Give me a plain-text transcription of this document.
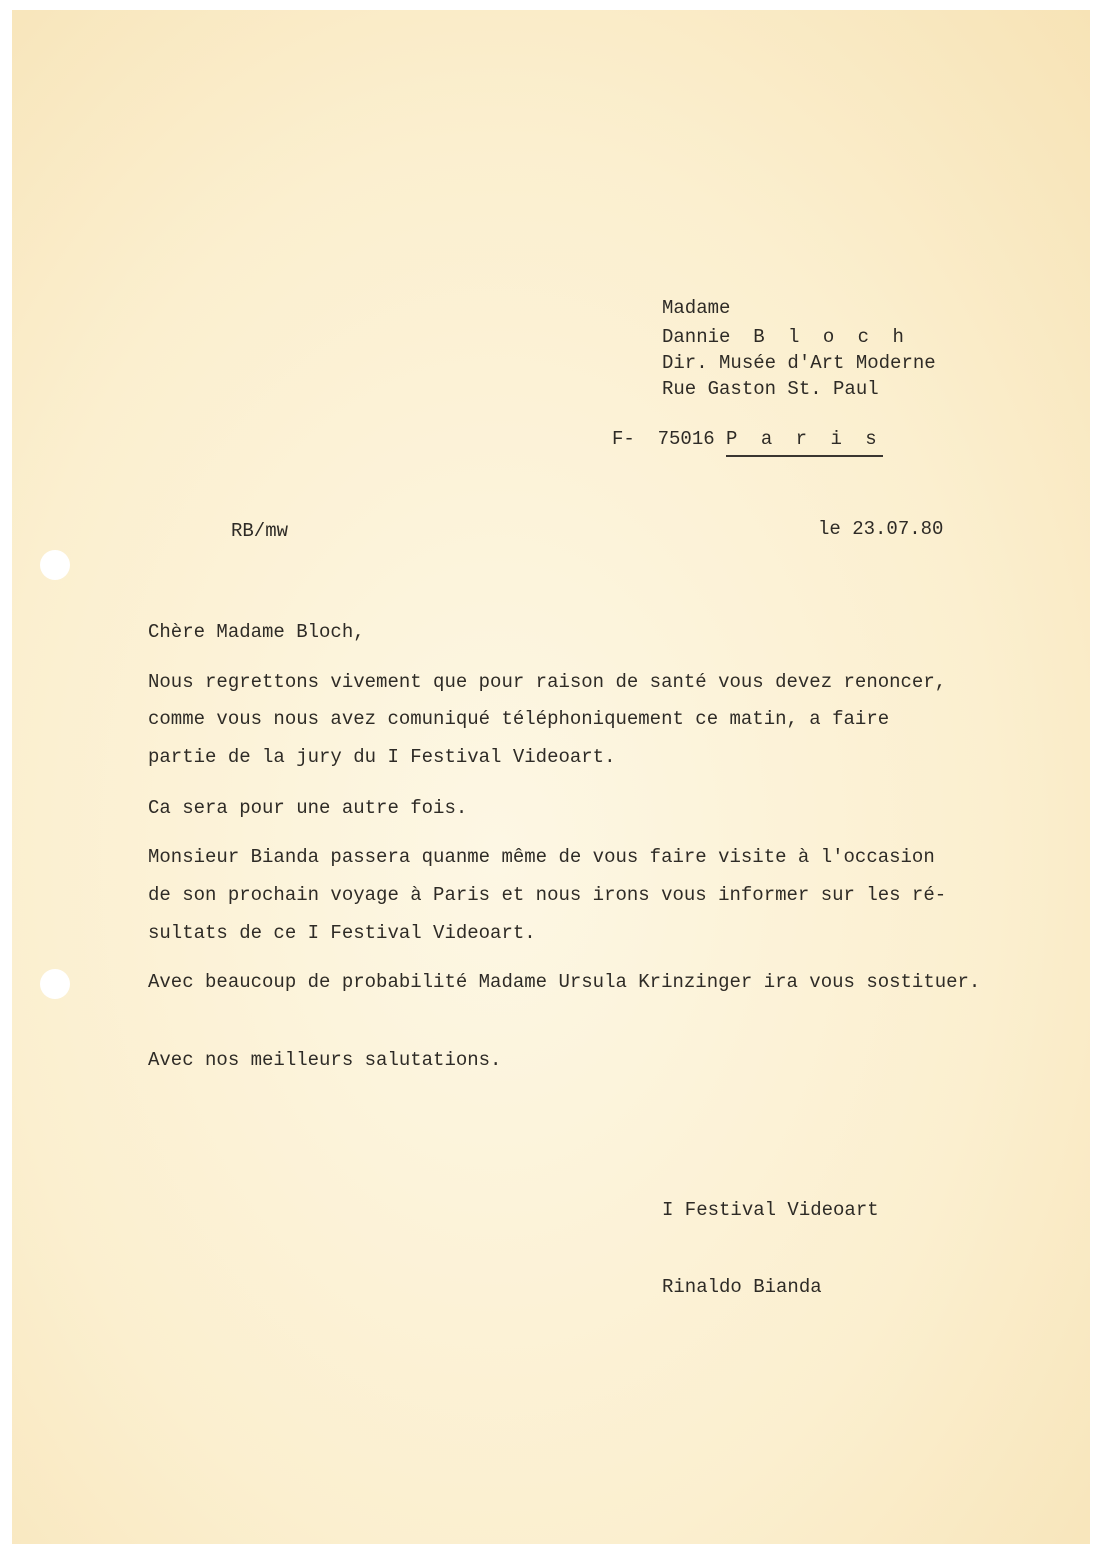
Madame
Dannie B l o c h
Dir. Musée d'Art Moderne
Rue Gaston St. Paul
F- 75016 P a r i s
RB/mw	le 23.07.80
Chère Madame Bloch,
Nous regrettons vivement que pour raison de santé vous devez renoncer,
comme vous nous avez comuniqué téléphoniquement ce matin, a faire
partie de la jury du I Festival Videoart.
Ca sera pour une autre fois.
Monsieur Bianda passera quanme même de vous faire visite à l'occasion
de son prochain voyage à Paris et nous irons vous informer sur les ré-
sultats de ce I Festival Videoart.
Avec beaucoup de probabilité Madame Ursula Krinzinger ira vous sostituer.
Avec nos meilleurs salutations.
I Festival Videoart
Rinaldo Bianda
